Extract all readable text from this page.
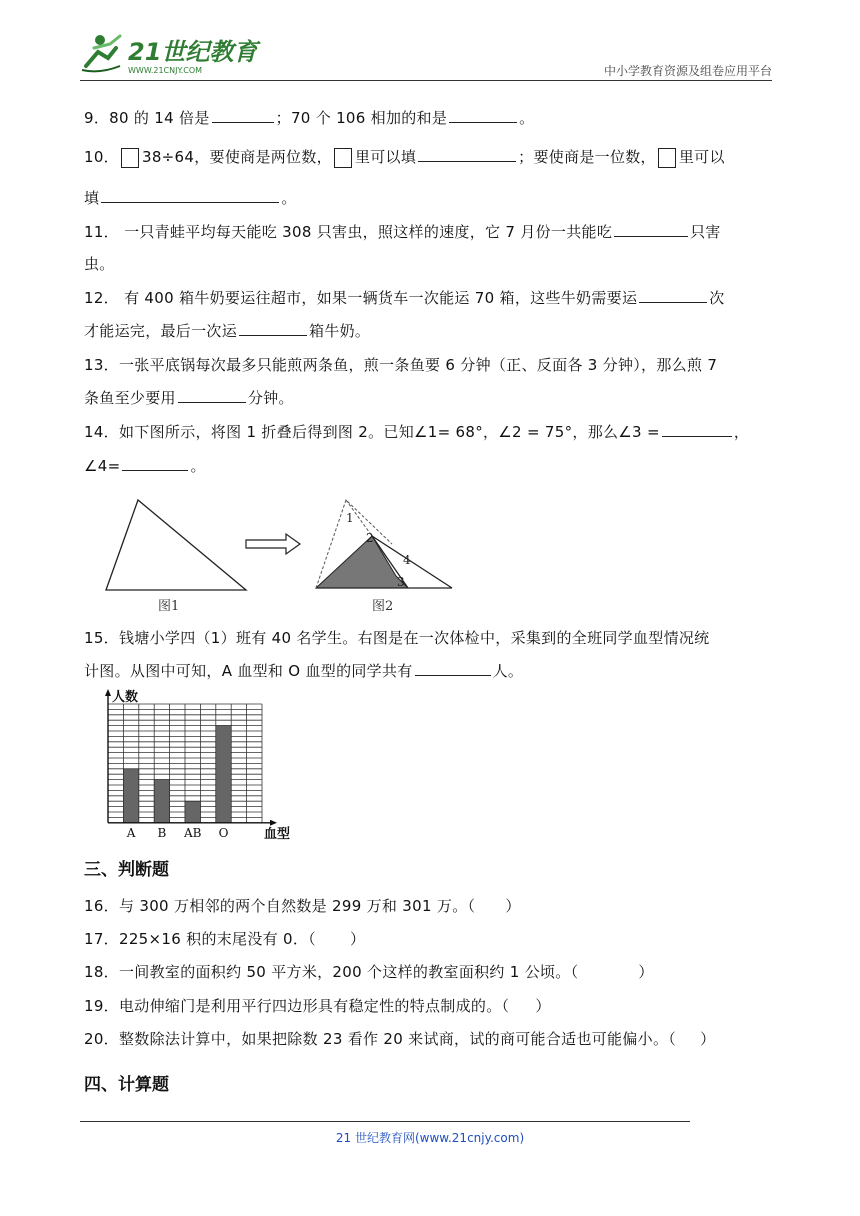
21世纪教育
WWW.21CNJY.COM	中小学教育资源及组卷应用平台
9．80 的 14 倍是	；70 个 106 相加的和是	。
10． 38÷64，要使商是两位数， 里可以填	；要使商是一位数， 里可以
填	。
11． 一只青蛙平均每天能吃 308 只害虫，照这样的速度，它 7 月份一共能吃	只害
虫。
12． 有 400 箱牛奶要运往超市，如果一辆货车一次能运 70 箱，这些牛奶需要运	次
才能运完，最后一次运	箱牛奶。
13．一张平底锅每次最多只能煎两条鱼，煎一条鱼要 6 分钟（正、反面各 3 分钟），那么煎 7
条鱼至少要用	分钟。
14．如下图所示，将图 1 折叠后得到图 2。已知∠1= 68°，∠2 = 75°，那么∠3 =	，
∠4=	。
图1
1
2
3
4
图2
15．钱塘小学四（1）班有 40 名学生。右图是在一次体检中，采集到的全班同学血型情况统
计图。从图中可知，A 血型和 O 血型的同学共有	人。
A B AB O
人数
血型
三、判断题
16．与 300 万相邻的两个自然数是 299 万和 301 万。（ ）
17．225×16 积的末尾没有 0．（ ）
18．一间教室的面积约 50 平方米，200 个这样的教室面积约 1 公顷。（	）
19．电动伸缩门是利用平行四边形具有稳定性的特点制成的。（ ）
20．整数除法计算中，如果把除数 23 看作 20 来试商，试的商可能合适也可能偏小。（ ）
四、计算题
21 世纪教育网(www.21cnjy.com)
